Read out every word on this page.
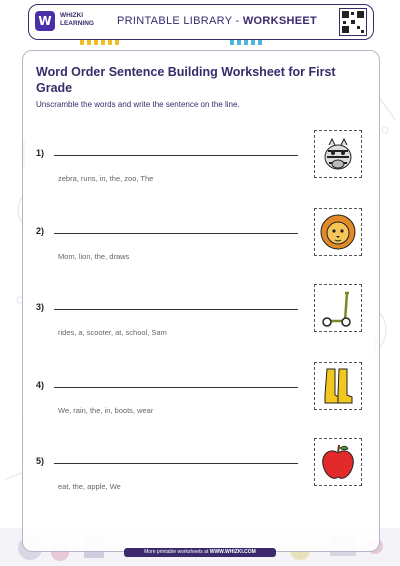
W	WHIZKI
LEARNING PRINTABLE LIBRARY - WORKSHEET
Word Order Sentence Building Worksheet for First Grade
Unscramble the words and write the sentence on the line.
1)
zebra, runs, in, the, zoo, The
2)
Mom, lion, the, draws
3)
rides, a, scooter, at, school, Sam
4)
We, rain, the, in, boots, wear
5)
eat, the, apple, We
More printable worksheets at WWW.WHIZKI.COM
